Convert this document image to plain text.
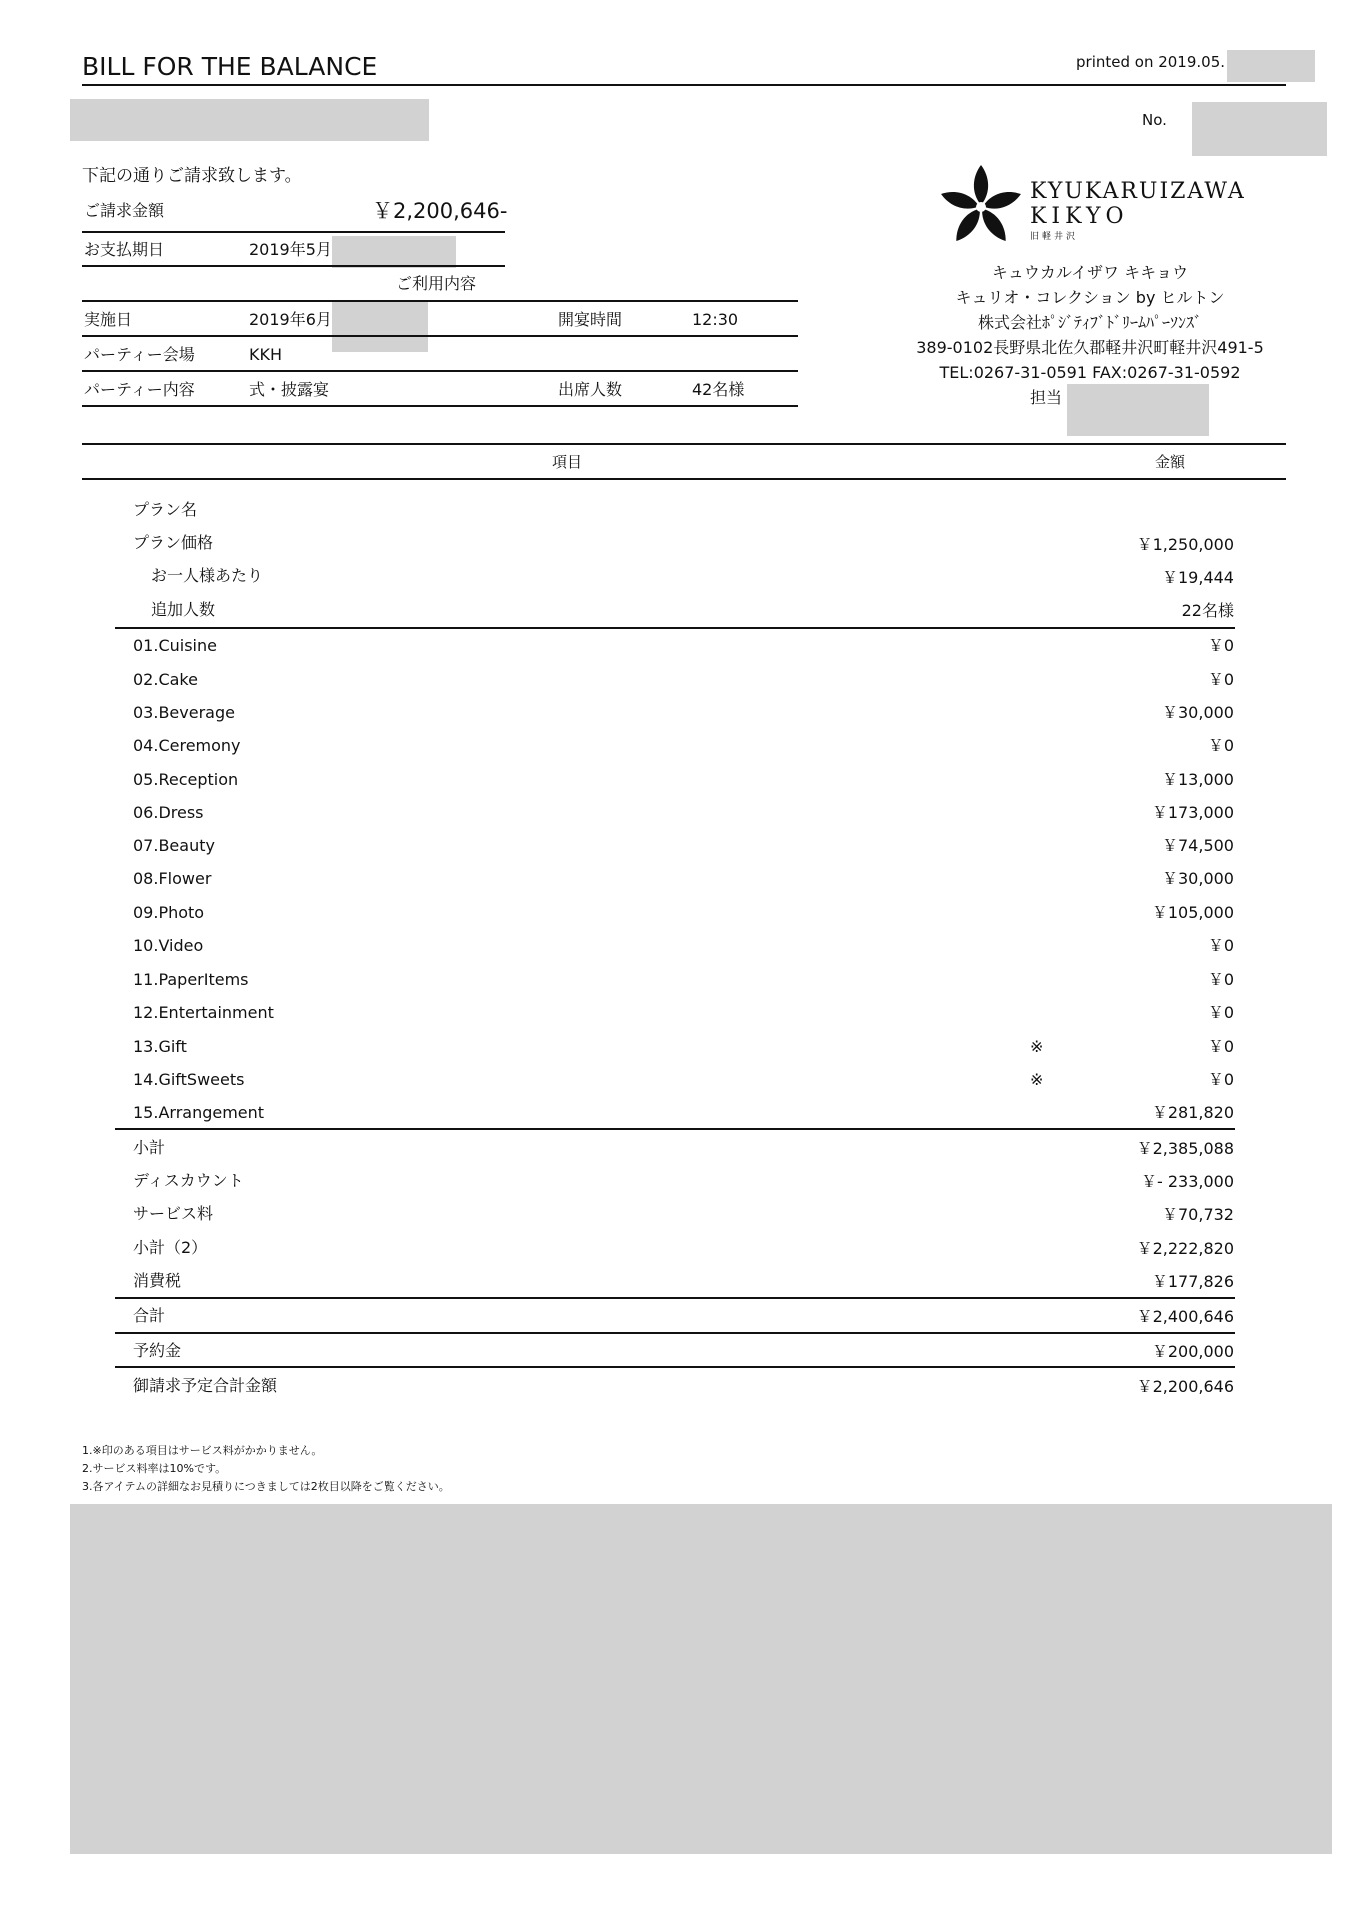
BILL FOR THE BALANCE	printed on 2019.05.
No.
下記の通りご請求致します。
ご請求金額	￥2,200,646-
お支払期日	2019年5月
ご利用内容
実施日	2019年6月	開宴時間	12:30
パーティー会場	KKH
パーティー内容	式・披露宴	出席人数	42名様
KYUKARUIZAWA
KIKYO
旧軽井沢
キュウカルイザワ キキョウ
キュリオ・コレクション by ヒルトン
株式会社ﾎﾟｼﾞﾃｨﾌﾞﾄﾞﾘｰﾑﾊﾟｰｿﾝｽﾞ
389-0102長野県北佐久郡軽井沢町軽井沢491-5
TEL:0267-31-0591 FAX:0267-31-0592
担当
項目	金額
プラン名
プラン価格	￥1,250,000
お一人様あたり	￥19,444
追加人数	22名様
01.Cuisine	￥0
02.Cake	￥0
03.Beverage	￥30,000
04.Ceremony	￥0
05.Reception	￥13,000
06.Dress	￥173,000
07.Beauty	￥74,500
08.Flower	￥30,000
09.Photo	￥105,000
10.Video	￥0
11.PaperItems	￥0
12.Entertainment	￥0
13.Gift	※	￥0
14.GiftSweets	※	￥0
15.Arrangement	￥281,820
小計	￥2,385,088
ディスカウント	￥- 233,000
サービス料	￥70,732
小計（2）	￥2,222,820
消費税	￥177,826
合計	￥2,400,646
予約金	￥200,000
御請求予定合計金額	￥2,200,646
1.※印のある項目はサービス料がかかりません。
2.サービス料率は10%です。
3.各アイテムの詳細なお見積りにつきましては2枚目以降をご覧ください。
